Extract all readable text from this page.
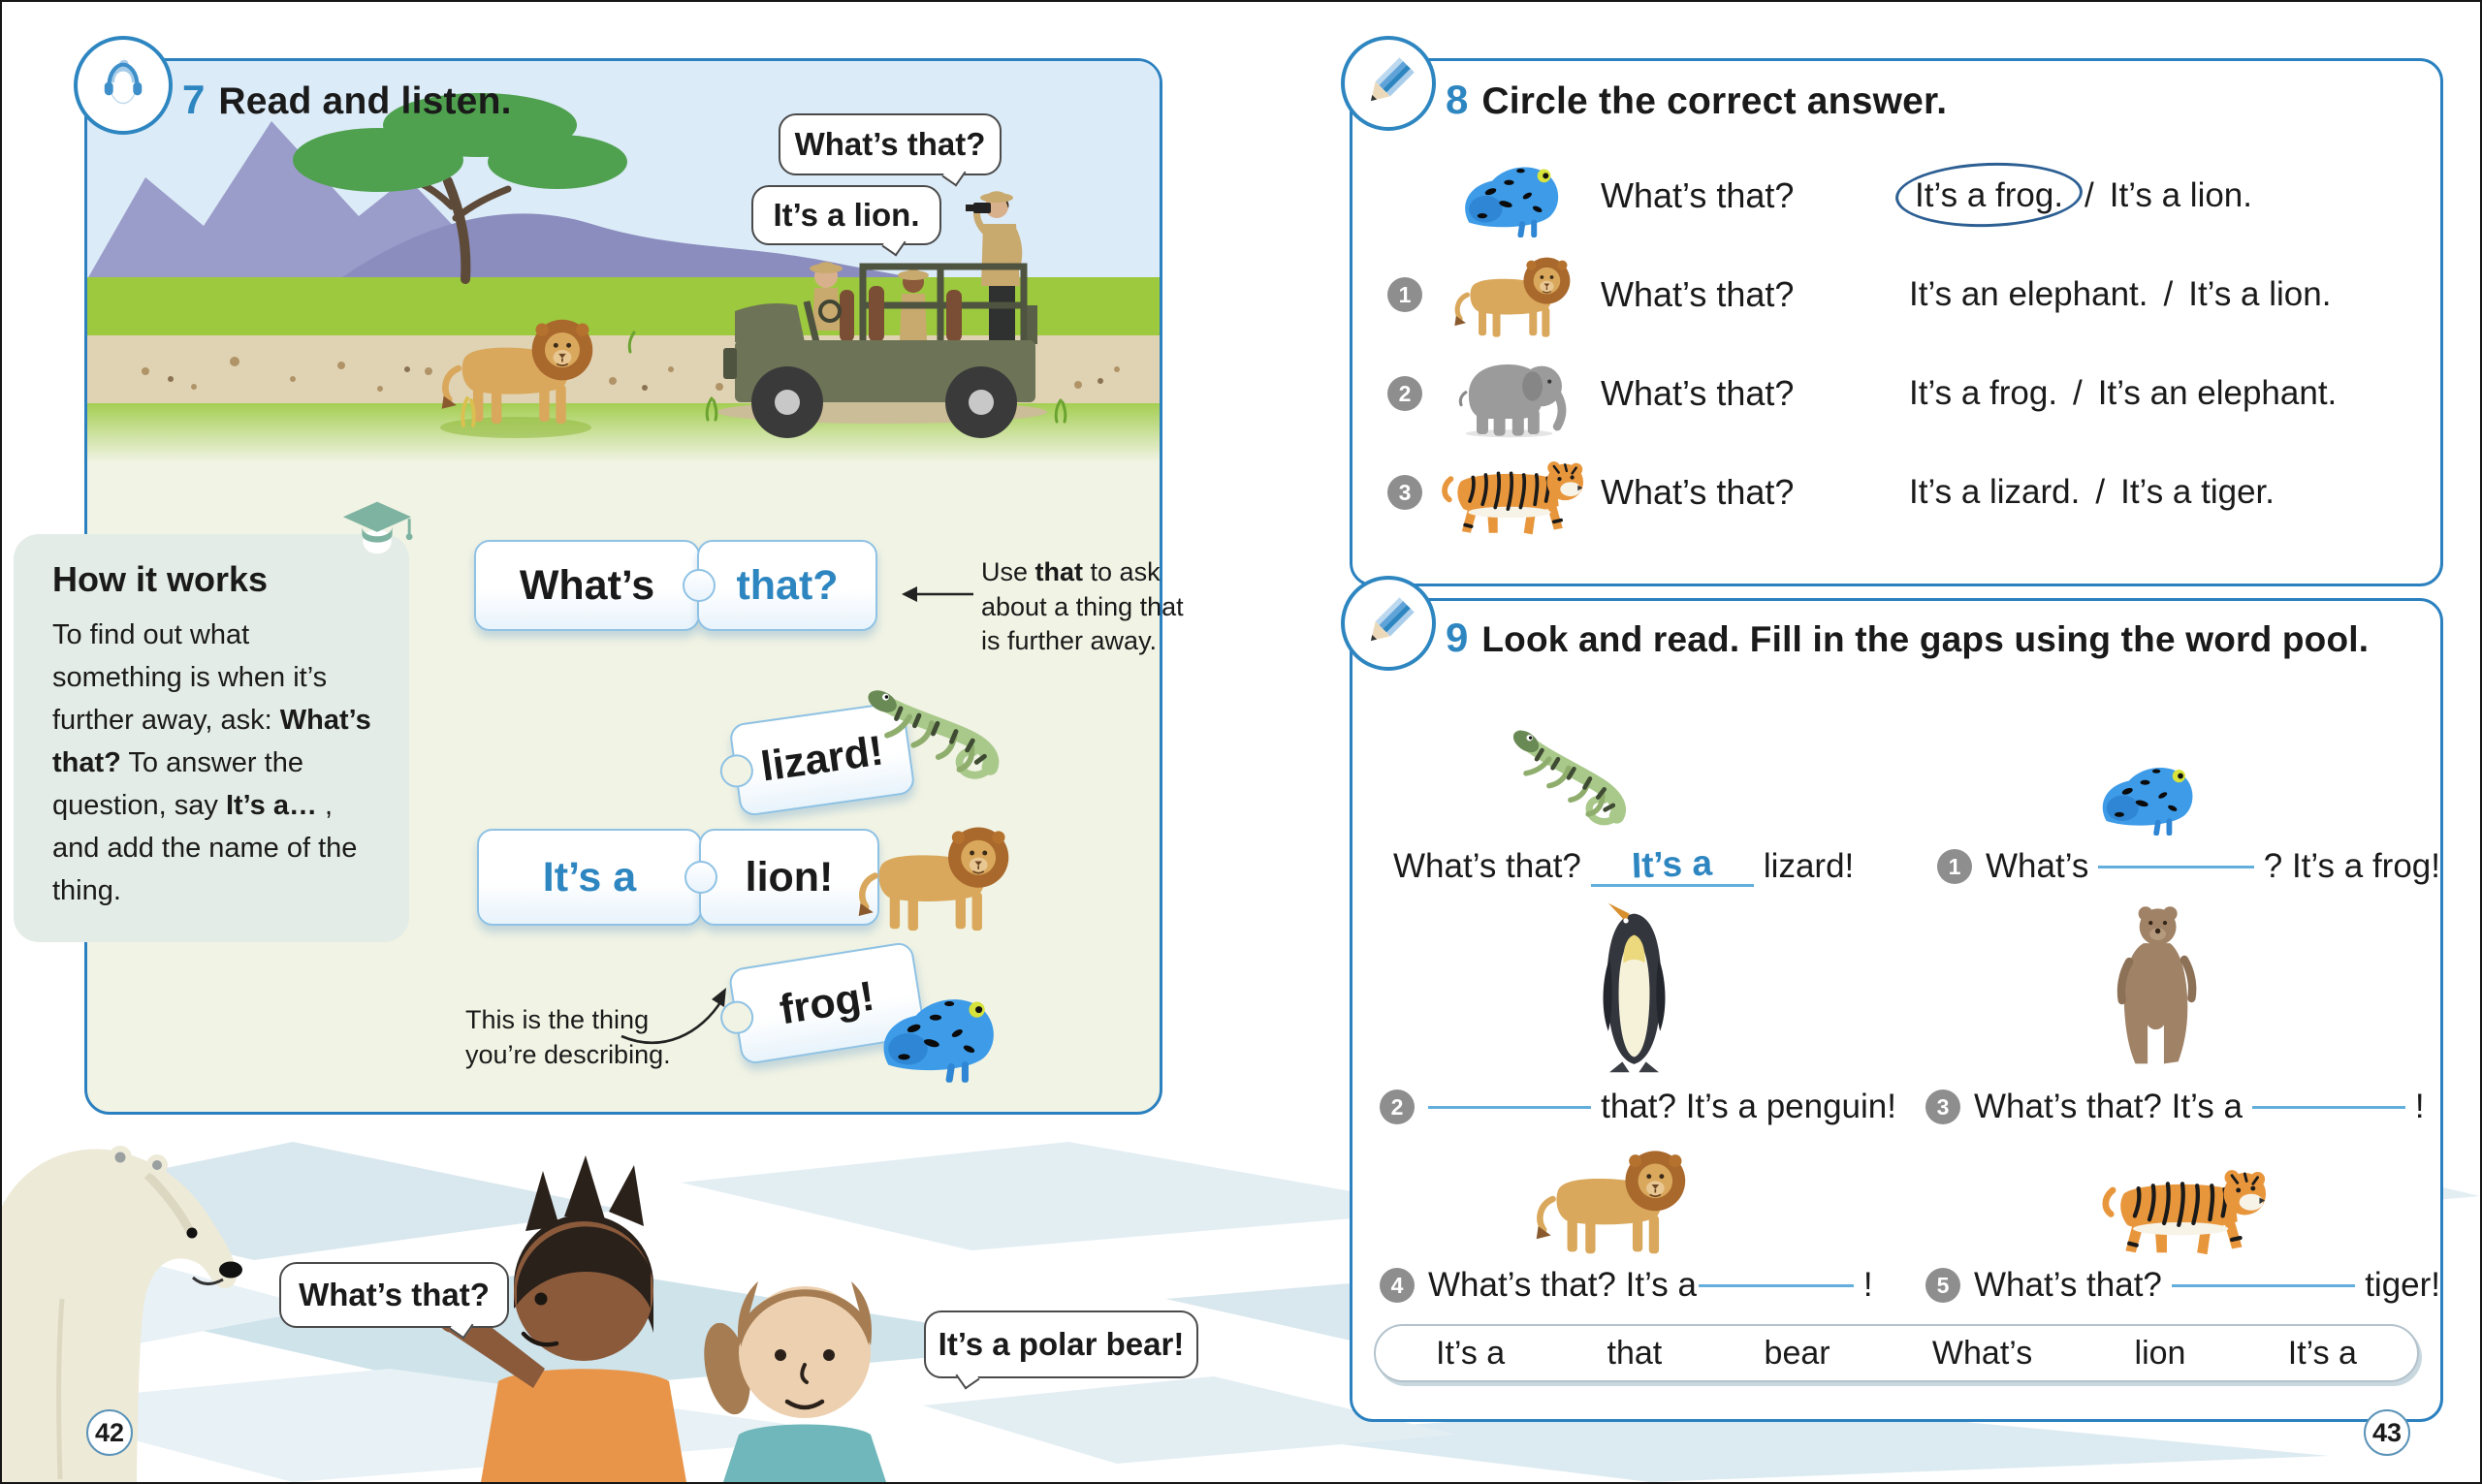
What’s that?
It’s a lion.
7 Read and listen.
How it works
To find out what something is when it’s further away, ask: What’s that? To answer the question, say It’s a… , and add the name of the thing.
What’s that?	Use that to ask about a thing that is further away.
lizard!
It’s a	lion!
frog!
This is the thing you’re describing.
8 Circle the correct answer.
What’s that?	It’s a frog. / It’s a lion.
1	What’s that?	It’s an elephant. / It’s a lion.
2	What’s that?	It’s a frog. / It’s an elephant.
3	What’s that?	It’s a lizard. / It’s a tiger.
9 Look and read. Fill in the gaps using the word pool.
What’s that?	It’s a	lizard!	1 What’s	? It’s a frog!
2	that? It’s a penguin!	3 What’s that? It’s a	!
4 What’s that? It’s a	!	5 What’s that?	tiger!
It’s a	that	bear	What’s	lion	It’s a
What’s that?
It’s a polar bear!
42	43
